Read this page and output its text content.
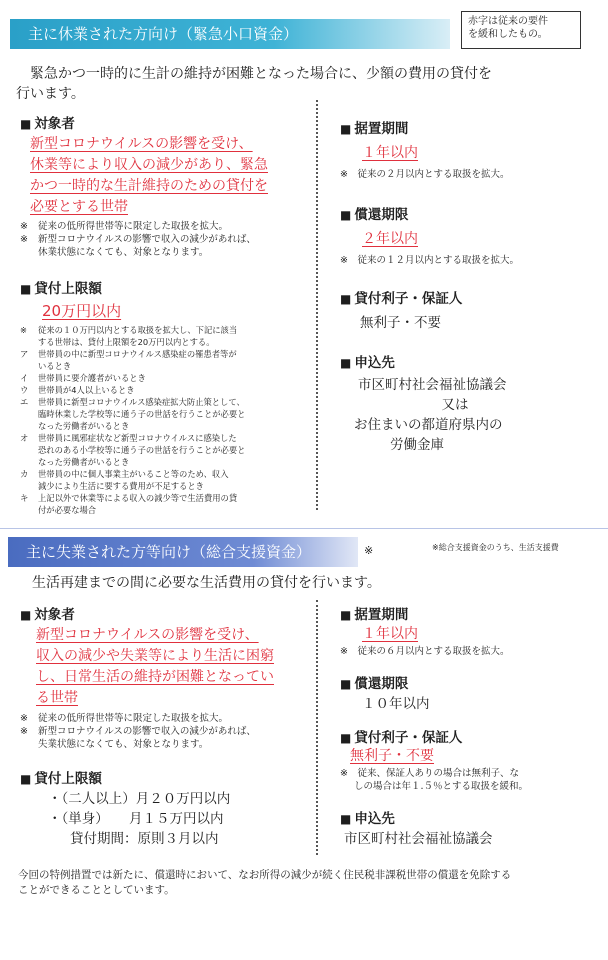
主に休業された方向け（緊急小口資金）
赤字は従来の要件
を緩和したもの。
緊急かつ一時的に生計の維持が困難となった場合に、少額の費用の貸付を
行います。
■ 対象者
新型コロナウイルスの影響を受け、
休業等により収入の減少があり、緊急
かつ一時的な生計維持のための貸付を
必要とする世帯
※	従来の低所得世帯等に限定した取扱を拡大。
※	新型コロナウイルスの影響で収入の減少があれば、
休業状態になくても、対象となります。
■ 貸付上限額
20万円以内
※	従来の１０万円以内とする取扱を拡大し、下記に該当
する世帯は、貸付上限額を20万円以内とする。
ア	世帯員の中に新型コロナウイルス感染症の罹患者等が
いるとき
イ	世帯員に要介護者がいるとき
ウ	世帯員が4人以上いるとき
エ	世帯員に新型コロナウイルス感染症拡大防止策として、
臨時休業した学校等に通う子の世話を行うことが必要と
なった労働者がいるとき
オ	世帯員に風邪症状など新型コロナウイルスに感染した
恐れのある小学校等に通う子の世話を行うことが必要と
なった労働者がいるとき
カ	世帯員の中に個人事業主がいること等のため、収入
減少により生活に要する費用が不足するとき
キ	上記以外で休業等による収入の減少等で生活費用の貸
付が必要な場合
■ 据置期間
１年以内
※　従来の２月以内とする取扱を拡大。
■ 償還期限
２年以内
※　従来の１２月以内とする取扱を拡大。
■ 貸付利子・保証人
無利子・不要
■ 申込先
市区町村社会福祉協議会
又は
お住まいの都道府県内の
労働金庫
主に失業された方等向け（総合支援資金）	※	※総合支援資金のうち、生活支援費
生活再建までの間に必要な生活費用の貸付を行います。
■ 対象者
新型コロナウイルスの影響を受け、
収入の減少や失業等により生活に困窮
し、日常生活の維持が困難となってい
る世帯
※	従来の低所得世帯等に限定した取扱を拡大。
※	新型コロナウイルスの影響で収入の減少があれば、
失業状態になくても、対象となります。
■ 貸付上限額
・（二人以上）月２０万円以内
・（単身）　　月１５万円以内
貸付期間：原則３月以内
■ 据置期間
１年以内
※　従来の６月以内とする取扱を拡大。
■ 償還期限
１０年以内
■ 貸付利子・保証人
無利子・不要
※　従来、保証人ありの場合は無利子、な
しの場合は年１.５％とする取扱を緩和。
■ 申込先
市区町村社会福祉協議会
今回の特例措置では新たに、償還時において、なお所得の減少が続く住民税非課税世帯の償還を免除する
ことができることとしています。
